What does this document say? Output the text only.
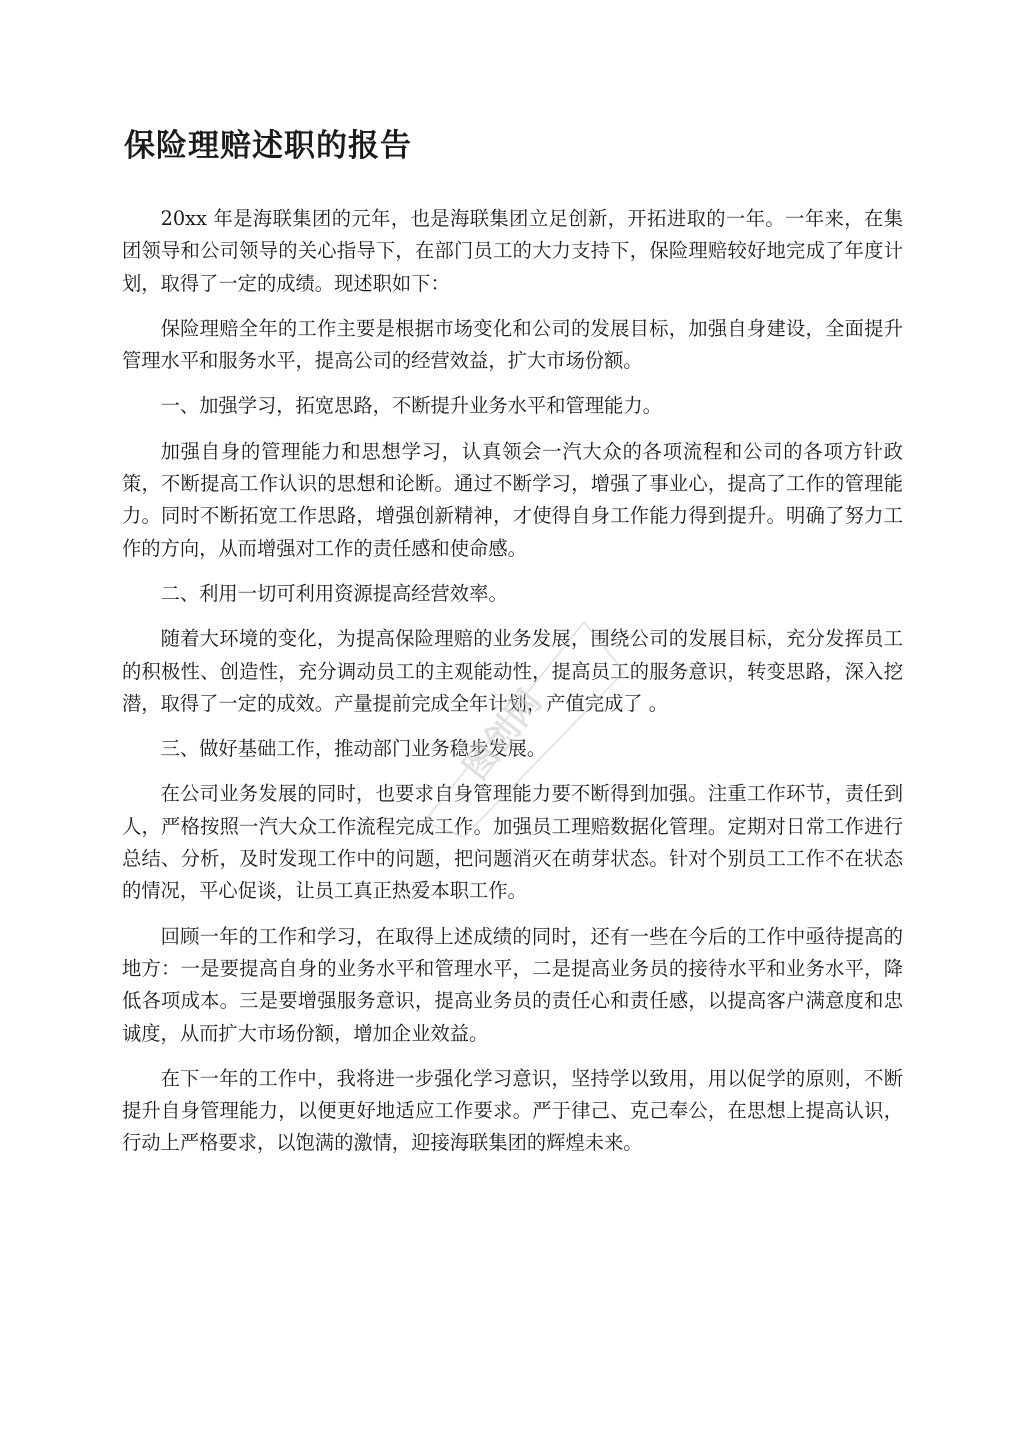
保险理赔述职的报告

20xx 年是海联集团的元年，也是海联集团立足创新，开拓进取的一年。一年来，在集团领导和公司领导的关心指导下，在部门员工的大力支持下，保险理赔较好地完成了年度计划，取得了一定的成绩。现述职如下：

保险理赔全年的工作主要是根据市场变化和公司的发展目标，加强自身建设，全面提升管理水平和服务水平，提高公司的经营效益，扩大市场份额。

一、加强学习，拓宽思路，不断提升业务水平和管理能力。

加强自身的管理能力和思想学习，认真领会一汽大众的各项流程和公司的各项方针政策，不断提高工作认识的思想和论断。通过不断学习，增强了事业心，提高了工作的管理能力。同时不断拓宽工作思路，增强创新精神，才使得自身工作能力得到提升。明确了努力工作的方向，从而增强对工作的责任感和使命感。

二、利用一切可利用资源提高经营效率。

随着大环境的变化，为提高保险理赔的业务发展，围绕公司的发展目标，充分发挥员工的积极性、创造性，充分调动员工的主观能动性，提高员工的服务意识，转变思路，深入挖潜，取得了一定的成效。产量提前完成全年计划，产值完成了 。

三、做好基础工作，推动部门业务稳步发展。

在公司业务发展的同时，也要求自身管理能力要不断得到加强。注重工作环节，责任到人，严格按照一汽大众工作流程完成工作。加强员工理赔数据化管理。定期对日常工作进行总结、分析，及时发现工作中的问题，把问题消灭在萌芽状态。针对个别员工工作不在状态的情况，平心促谈，让员工真正热爱本职工作。

回顾一年的工作和学习，在取得上述成绩的同时，还有一些在今后的工作中亟待提高的地方：一是要提高自身的业务水平和管理水平，二是提高业务员的接待水平和业务水平，降低各项成本。三是要增强服务意识，提高业务员的责任心和责任感，以提高客户满意度和忠诚度，从而扩大市场份额，增加企业效益。

在下一年的工作中，我将进一步强化学习意识，坚持学以致用，用以促学的原则，不断提升自身管理能力，以便更好地适应工作要求。严于律己、克己奉公，在思想上提高认识，行动上严格要求，以饱满的激情，迎接海联集团的辉煌未来。

图创网
